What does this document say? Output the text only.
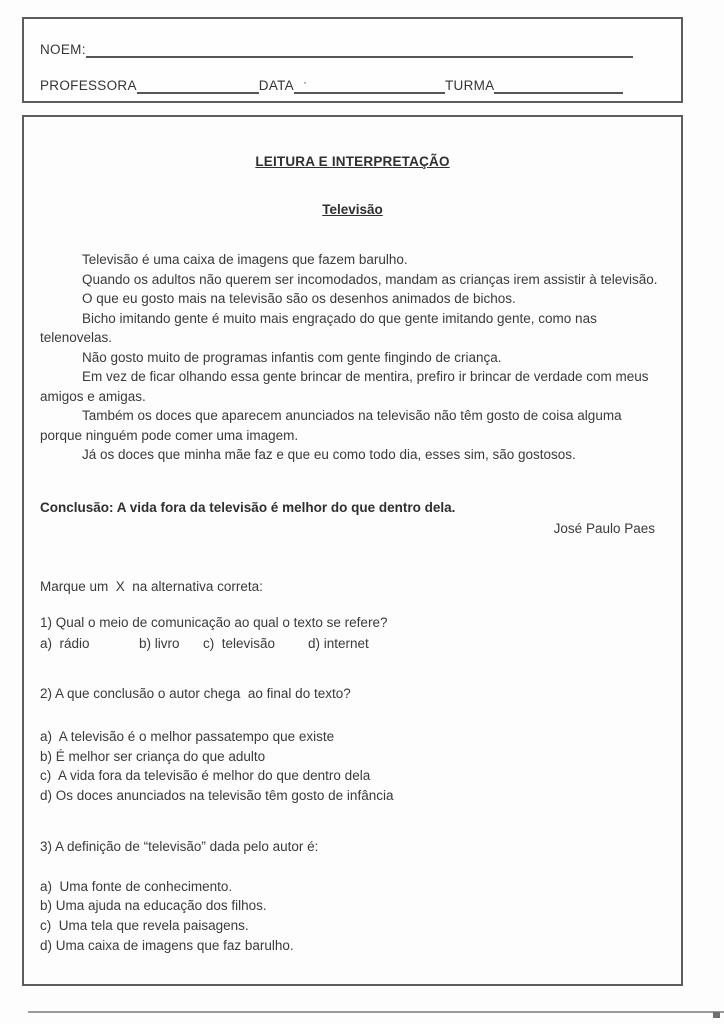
NOEM:
PROFESSORA	DATA ·	TURMA
LEITURA E INTERPRETAÇÃO
Televisão

Televisão é uma caixa de imagens que fazem barulho.

Quando os adultos não querem ser incomodados, mandam as crianças irem assistir à televisão.

O que eu gosto mais na televisão são os desenhos animados de bichos.

Bicho imitando gente é muito mais engraçado do que gente imitando gente, como nas telenovelas.

Não gosto muito de programas infantis com gente fingindo de criança.

Em vez de ficar olhando essa gente brincar de mentira, prefiro ir brincar de verdade com meus amigos e amigas.

Também os doces que aparecem anunciados na televisão não têm gosto de coisa alguma porque ninguém pode comer uma imagem.

Já os doces que minha mãe faz e que eu como todo dia, esses sim, são gostosos.

Conclusão: A vida fora da televisão é melhor do que dentro dela.
José Paulo Paes
Marque um  X  na alternativa correta:
1) Qual o meio de comunicação ao qual o texto se refere?
a)  rádio	b) livro c)  televisão d) internet
2) A que conclusão o autor chega  ao final do texto?
a)  A televisão é o melhor passatempo que existe
b) É melhor ser criança do que adulto
c)  A vida fora da televisão é melhor do que dentro dela
d) Os doces anunciados na televisão têm gosto de infância
3) A definição de “televisão” dada pelo autor é:
a)  Uma fonte de conhecimento.
b) Uma ajuda na educação dos filhos.
c)  Uma tela que revela paisagens.
d) Uma caixa de imagens que faz barulho.
